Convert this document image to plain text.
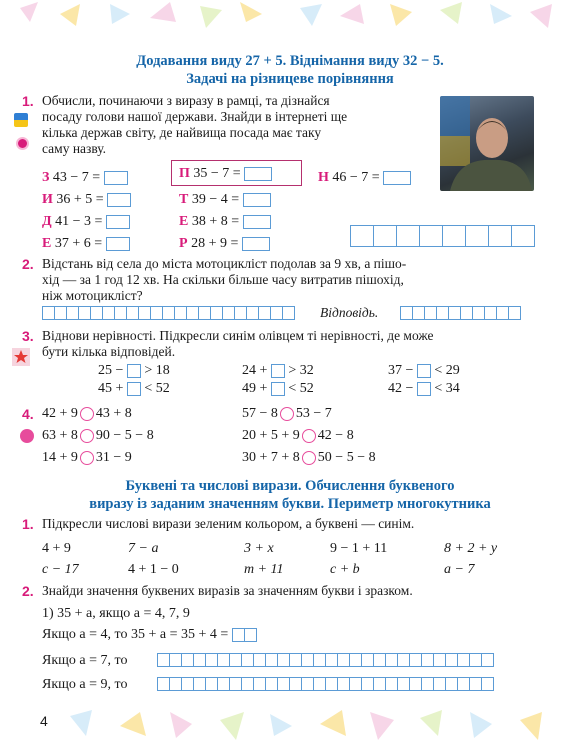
Додавання виду 27 + 5. Віднімання виду 32 − 5.
Задачі на різницеве порівняння
1. Обчисли, починаючи з виразу в рамці, та дізнайся
посаду голови нашої держави. Знайди в інтернеті ще
кілька держав світу, де найвища посада має таку
саму назву.
З 43 − 7 =	П 35 − 7 =	Н 46 − 7 =
И 36 + 5 =	Т 39 − 4 =
Д 41 − 3 =	Е 38 + 8 =
Е 37 + 6 =	Р 28 + 9 =
2. Відстань від села до міста мотоцикліст подолав за 9 хв, а пішо-
хід — за 1 год 12 хв. На скільки більше часу витратив пішохід,
ніж мотоцикліст?
Відповідь.
3. Віднови нерівності. Підкресли синім олівцем ті нерівності, де може
бути кілька відповідей.
25 − > 18	24 + > 32	37 − < 29
45 + < 52	49 + < 52	42 − < 34
4. 42 + 9 43 + 8	57 − 8 53 − 7
63 + 8 90 − 5 − 8	20 + 5 + 9 42 − 8
14 + 9 31 − 9	30 + 7 + 8 50 − 5 − 8
Буквені та числові вирази. Обчислення буквеного
виразу із заданим значенням букви. Периметр многокутника
1. Підкресли числові вирази зеленим кольором, а буквені — синім.
4 + 9	7 − a	3 + x	9 − 1 + 11	8 + 2 + y
c − 17	4 + 1 − 0	m + 11	c + b	a − 7
2. Знайди значення буквених виразів за значенням букви і зразком.
1) 35 + a, якщо a = 4, 7, 9
Якщо a = 4, то 35 + a = 35 + 4 =
Якщо a = 7, то
Якщо a = 9, то
4
